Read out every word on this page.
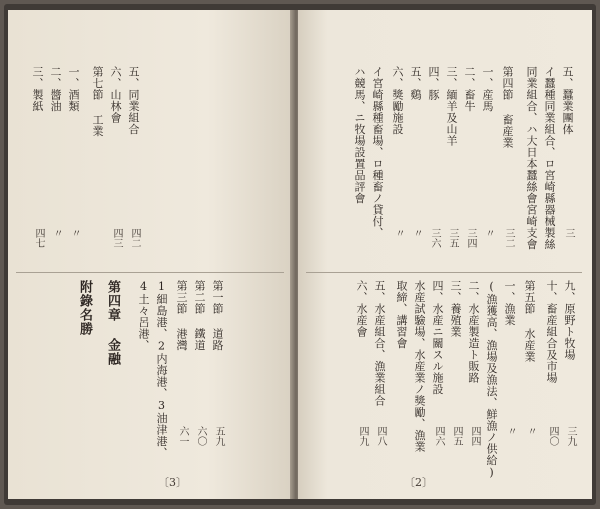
五、同業組合
四二
六、山林會
四三
第七節 工業
一、酒類
〃
二、醬油
〃
三、製紙
四七
第一節 道路
五九
第二節 鐵道
六〇
第三節 港灣
六一
1細島港、2内海港、3油津港、
4土々呂港、
第四章 金融
附錄名勝
〔3〕
五、蠶業團体
三
イ蠶種同業組合、ロ宮崎縣器械製絲
同業組合、ハ大日本蠶絲會宮崎支會
第四節 畜産業
三二
一、産馬
〃
二、畜牛
三四
三、緬羊及山羊
三五
四、豚
三六
五、鷄
〃
六、獎勵施設
〃
イ宮崎縣種畜場、ロ種畜ノ貸付、
ハ競馬、ニ牧場設置品評會
九、原野ト牧場
三九
十、畜産組合及市場
四〇
第五節 水産業
〃
一、漁業
〃
(漁獲高、漁場及漁法、鮮漁ノ供給)
二、水産製造ト販路
四四
三、養殖業
四五
四、水産ニ關スル施設
四六
水産試驗場、水産業ノ獎勵、漁業
取締、講習會
五、水産組合、漁業組合
四八
六、水産會
四九
〔2〕
